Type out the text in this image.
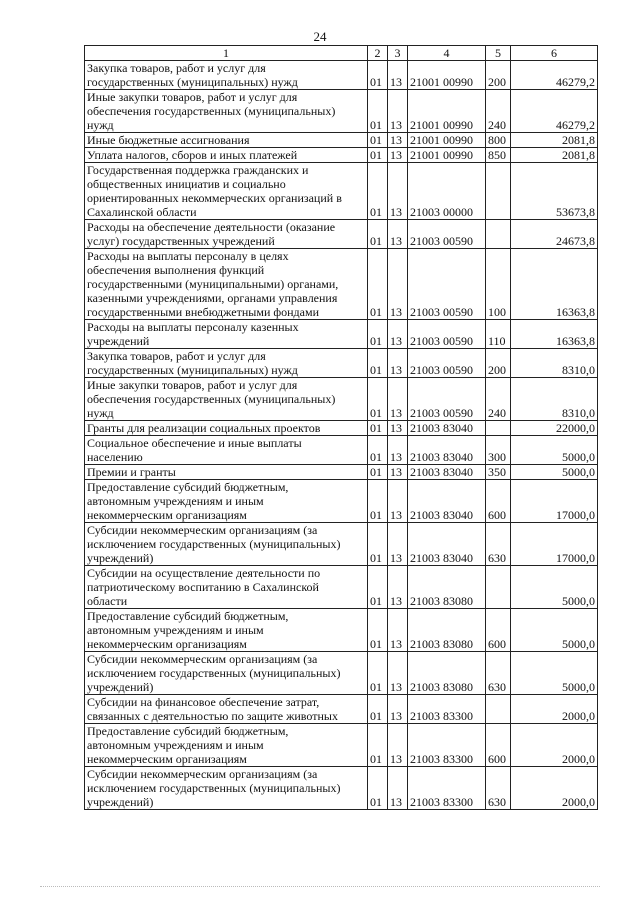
24
1	2	3	4	5	6
Закупка товаров, работ и услуг для
государственных (муниципальных) нужд	01	13	21001 00990	200	46279,2
Иные закупки товаров, работ и услуг для
обеспечения государственных (муниципальных)
нужд	01	13	21001 00990	240	46279,2
Иные бюджетные ассигнования	01	13	21001 00990	800	2081,8
Уплата налогов, сборов и иных платежей	01	13	21001 00990	850	2081,8
Государственная поддержка гражданских и
общественных инициатив и социально
ориентированных некоммерческих организаций в
Сахалинской области	01	13	21003 00000		53673,8
Расходы на обеспечение деятельности (оказание
услуг) государственных учреждений	01	13	21003 00590		24673,8
Расходы на выплаты персоналу в целях
обеспечения выполнения функций
государственными (муниципальными) органами,
казенными учреждениями, органами управления
государственными внебюджетными фондами	01	13	21003 00590	100	16363,8
Расходы на выплаты персоналу казенных
учреждений	01	13	21003 00590	110	16363,8
Закупка товаров, работ и услуг для
государственных (муниципальных) нужд	01	13	21003 00590	200	8310,0
Иные закупки товаров, работ и услуг для
обеспечения государственных (муниципальных)
нужд	01	13	21003 00590	240	8310,0
Гранты для реализации социальных проектов	01	13	21003 83040		22000,0
Социальное обеспечение и иные выплаты
населению	01	13	21003 83040	300	5000,0
Премии и гранты	01	13	21003 83040	350	5000,0
Предоставление субсидий бюджетным,
автономным учреждениям и иным
некоммерческим организациям	01	13	21003 83040	600	17000,0
Субсидии некоммерческим организациям (за
исключением государственных (муниципальных)
учреждений)	01	13	21003 83040	630	17000,0
Субсидии на осуществление деятельности по
патриотическому воспитанию в Сахалинской
области	01	13	21003 83080		5000,0
Предоставление субсидий бюджетным,
автономным учреждениям и иным
некоммерческим организациям	01	13	21003 83080	600	5000,0
Субсидии некоммерческим организациям (за
исключением государственных (муниципальных)
учреждений)	01	13	21003 83080	630	5000,0
Субсидии на финансовое обеспечение затрат,
связанных с деятельностью по защите животных	01	13	21003 83300		2000,0
Предоставление субсидий бюджетным,
автономным учреждениям и иным
некоммерческим организациям	01	13	21003 83300	600	2000,0
Субсидии некоммерческим организациям (за
исключением государственных (муниципальных)
учреждений)	01	13	21003 83300	630	2000,0
